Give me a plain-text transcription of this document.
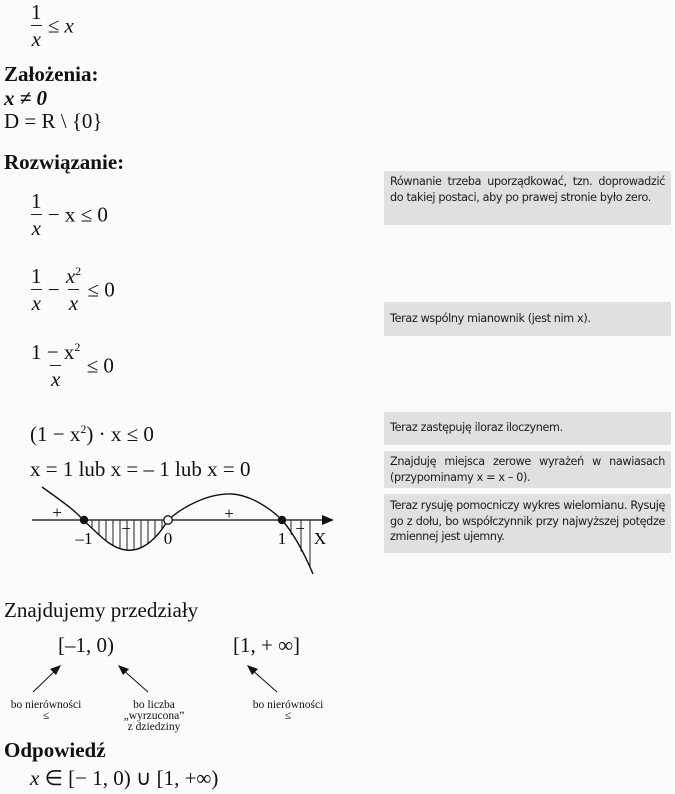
$\frac{1}{x} \le x$
Założenia:
x ≠ 0
D = R \ {0}
Rozwiązanie:
$\frac{1}{x} - x \le 0$
$\frac{1}{x} - \frac{x^2}{x} \le 0$
$\frac{1 - x^2}{x} \le 0$
$(1 - x^2) \cdot x \le 0$
x = 1 lub x = – 1 lub x = 0
Równanie trzeba uporządkować, tzn. doprowadzić do takiej postaci, aby po prawej stronie było zero.
Teraz wspólny mianownik (jest nim x).
Teraz zastępuję iloraz iloczynem.
Znajduję miejsca zerowe wyrażeń w nawiasach (przypominamy x = x – 0).
Teraz rysuję pomocniczy wykres wielomianu. Rysuję go z dołu, bo współczynnik przy najwyższej potędze zmiennej jest ujemny.
–1	0	1 X
+
−
+
−
Znajdujemy przedziały
[–1, 0)	[1, + ∞]
bo nierówności
≤
bo liczba
„wyrzucona”
z dziedziny
bo nierówności
≤
Odpowiedź
x ∈ [− 1, 0) ∪ [1, +∞)
